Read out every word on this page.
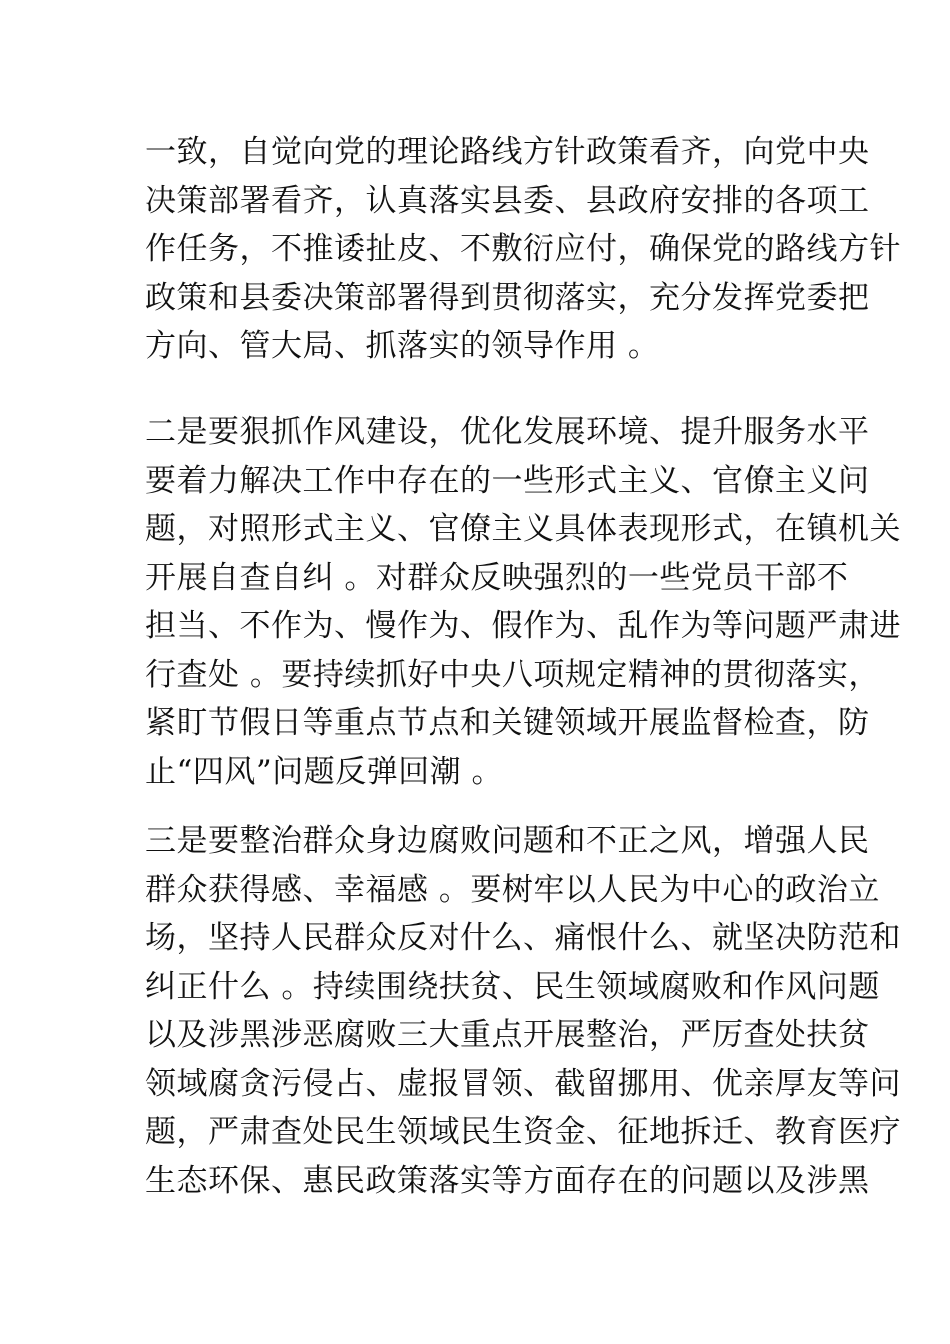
一致，自觉向党的理论路线方针政策看齐，向党中央
决策部署看齐，认真落实县委、县政府安排的各项工
作任务，不推诿扯皮、不敷衍应付，确保党的路线方针
政策和县委决策部署得到贯彻落实，充分发挥党委把
方向、管大局、抓落实的领导作用 。
二是要狠抓作风建设，优化发展环境、提升服务水平
要着力解决工作中存在的一些形式主义、官僚主义问
题，对照形式主义、官僚主义具体表现形式，在镇机关
开展自查自纠 。对群众反映强烈的一些党员干部不
担当、不作为、慢作为、假作为、乱作为等问题严肃进
行查处 。要持续抓好中央八项规定精神的贯彻落实，
紧盯节假日等重点节点和关键领域开展监督检查，防
止“四风”问题反弹回潮 。
三是要整治群众身边腐败问题和不正之风，增强人民
群众获得感、幸福感 。要树牢以人民为中心的政治立
场，坚持人民群众反对什么、痛恨什么、就坚决防范和
纠正什么 。持续围绕扶贫、民生领域腐败和作风问题
以及涉黑涉恶腐败三大重点开展整治，严厉查处扶贫
领域腐贪污侵占、虚报冒领、截留挪用、优亲厚友等问
题，严肃查处民生领域民生资金、征地拆迁、教育医疗
生态环保、惠民政策落实等方面存在的问题以及涉黑
